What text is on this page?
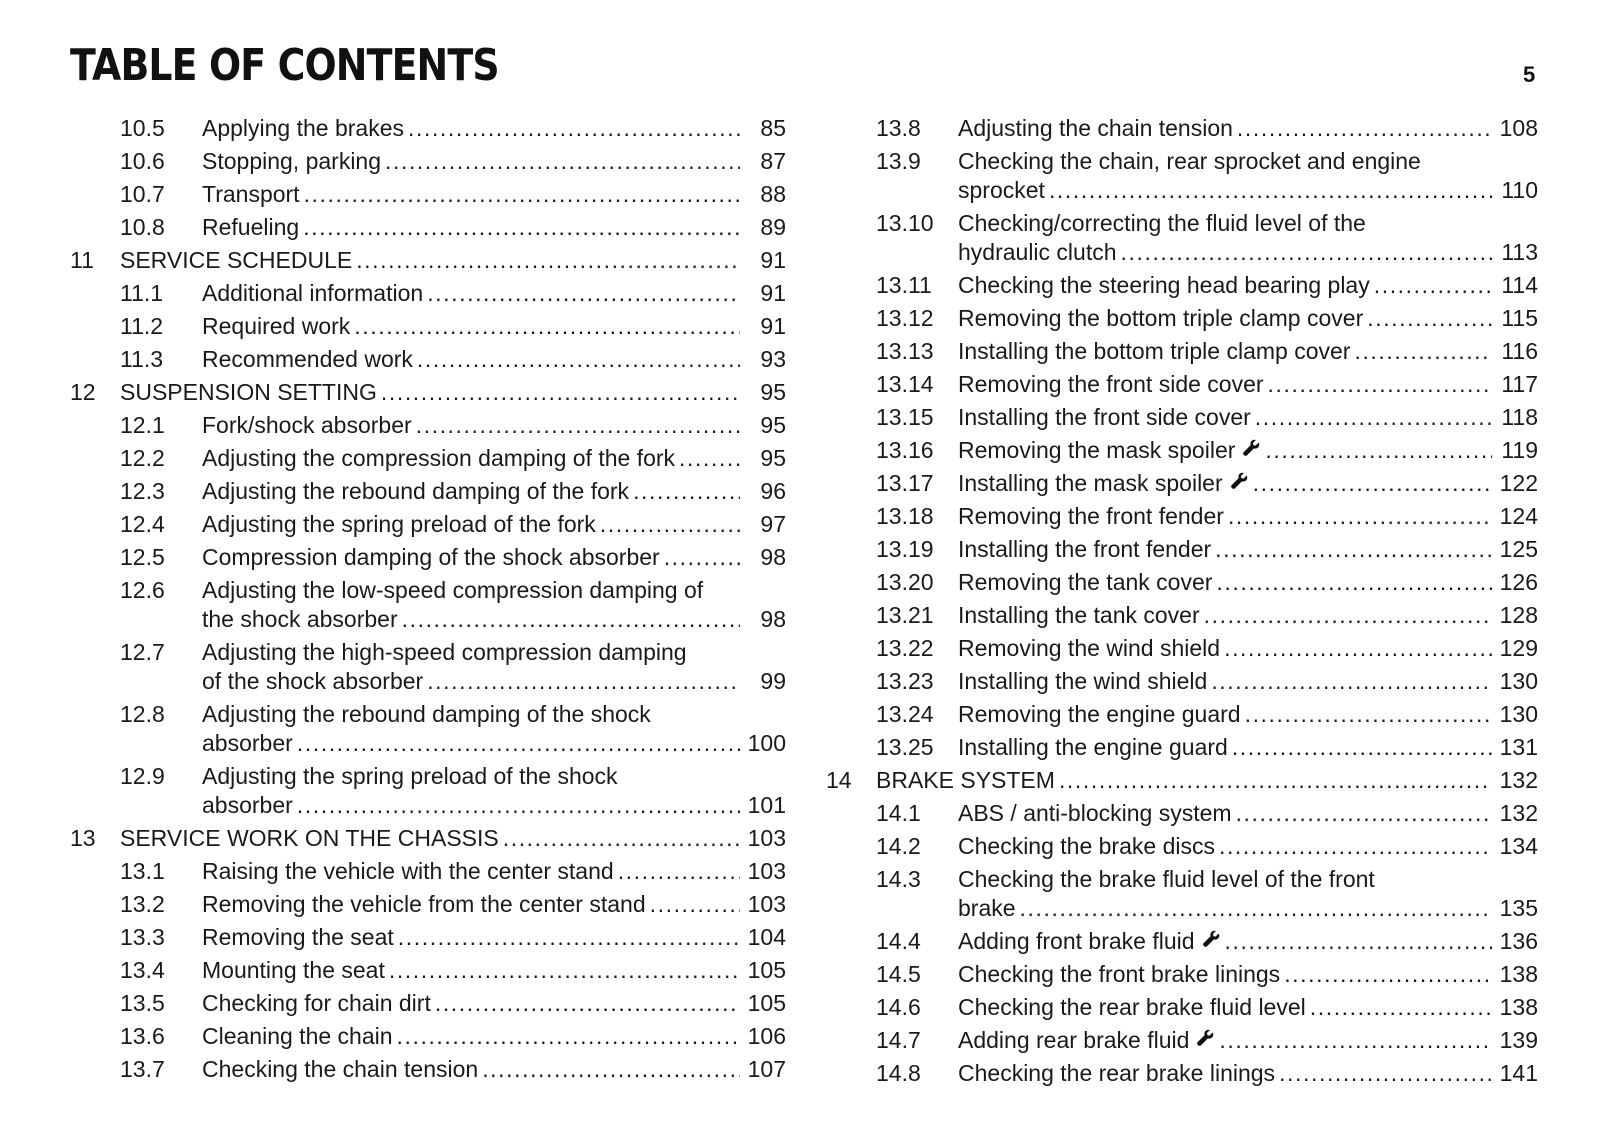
TABLE OF CONTENTS	5
10.5 Applying the brakes . . .	85
10.6 Stopping, parking . . .	87
10.7 Transport . . .	88
10.8 Refueling . . .	89
11 SERVICE SCHEDULE . . .	91
11.1 Additional information . . .	91
11.2 Required work . . .	91
11.3 Recommended work . . .	93
12 SUSPENSION SETTING . . .	95
12.1 Fork/shock absorber . . .	95
12.2 Adjusting the compression damping of the fork . . .	95
12.3 Adjusting the rebound damping of the fork . . .	96
12.4 Adjusting the spring preload of the fork . . .	97
12.5 Compression damping of the shock absorber . . .	98
12.6 Adjusting the low-speed compression damping of
the shock absorber . . .	98
12.7 Adjusting the high-speed compression damping
of the shock absorber . . .	99
12.8 Adjusting the rebound damping of the shock
absorber . . .	100
12.9 Adjusting the spring preload of the shock
absorber . . .	101
13 SERVICE WORK ON THE CHASSIS . . .	103
13.1 Raising the vehicle with the center stand . . .	103
13.2 Removing the vehicle from the center stand . . .	103
13.3 Removing the seat . . .	104
13.4 Mounting the seat . . .	105
13.5 Checking for chain dirt . . .	105
13.6 Cleaning the chain . . .	106
13.7 Checking the chain tension . . .	107
13.8 Adjusting the chain tension . . .	108
13.9 Checking the chain, rear sprocket and engine
sprocket . . .	110
13.10 Checking/correcting the fluid level of the
hydraulic clutch . . .	113
13.11 Checking the steering head bearing play . . .	114
13.12 Removing the bottom triple clamp cover . . .	115
13.13 Installing the bottom triple clamp cover . . .	116
13.14 Removing the front side cover . . .	117
13.15 Installing the front side cover . . .	118
13.16 Removing the mask spoiler . . .	119
13.17 Installing the mask spoiler . . .	122
13.18 Removing the front fender . . .	124
13.19 Installing the front fender . . .	125
13.20 Removing the tank cover . . .	126
13.21 Installing the tank cover . . .	128
13.22 Removing the wind shield . . .	129
13.23 Installing the wind shield . . .	130
13.24 Removing the engine guard . . .	130
13.25 Installing the engine guard . . .	131
14 BRAKE SYSTEM . . .	132
14.1 ABS / anti-blocking system . . .	132
14.2 Checking the brake discs . . .	134
14.3 Checking the brake fluid level of the front
brake . . .	135
14.4 Adding front brake fluid . . .	136
14.5 Checking the front brake linings . . .	138
14.6 Checking the rear brake fluid level . . .	138
14.7 Adding rear brake fluid . . .	139
14.8 Checking the rear brake linings . . .	141
